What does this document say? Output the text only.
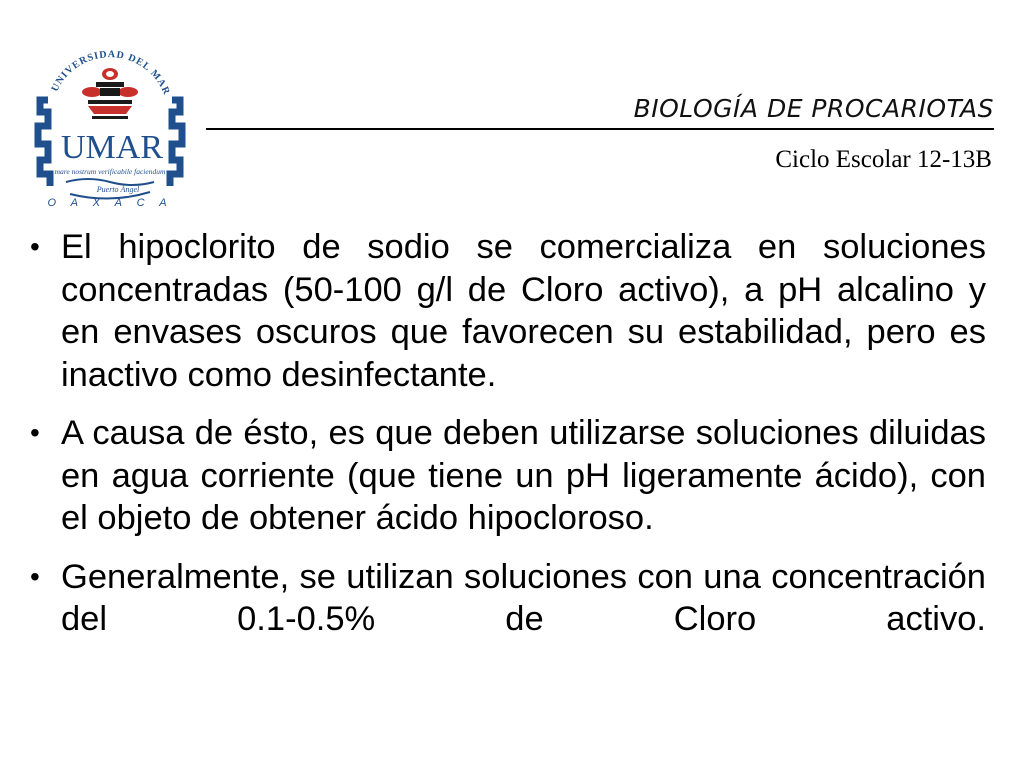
UNIVERSIDAD DEL MAR
UMAR
mare nostrum verificabile faciendum
Puerto Ángel
O A X A C A
BIOLOGÍA DE PROCARIOTAS
Ciclo Escolar 12-13B
• El hipoclorito de sodio se comercializa en soluciones concentradas (50-100 g/l de Cloro activo), a pH alcalino y en envases oscuros que favorecen su estabilidad, pero es inactivo como desinfectante.
• A causa de ésto, es que deben utilizarse soluciones diluidas en agua corriente (que tiene un pH ligeramente ácido), con el objeto de obtener ácido hipocloroso.
• Generalmente, se utilizan soluciones con una concentración del 0.1-0.5% de Cloro activo.
